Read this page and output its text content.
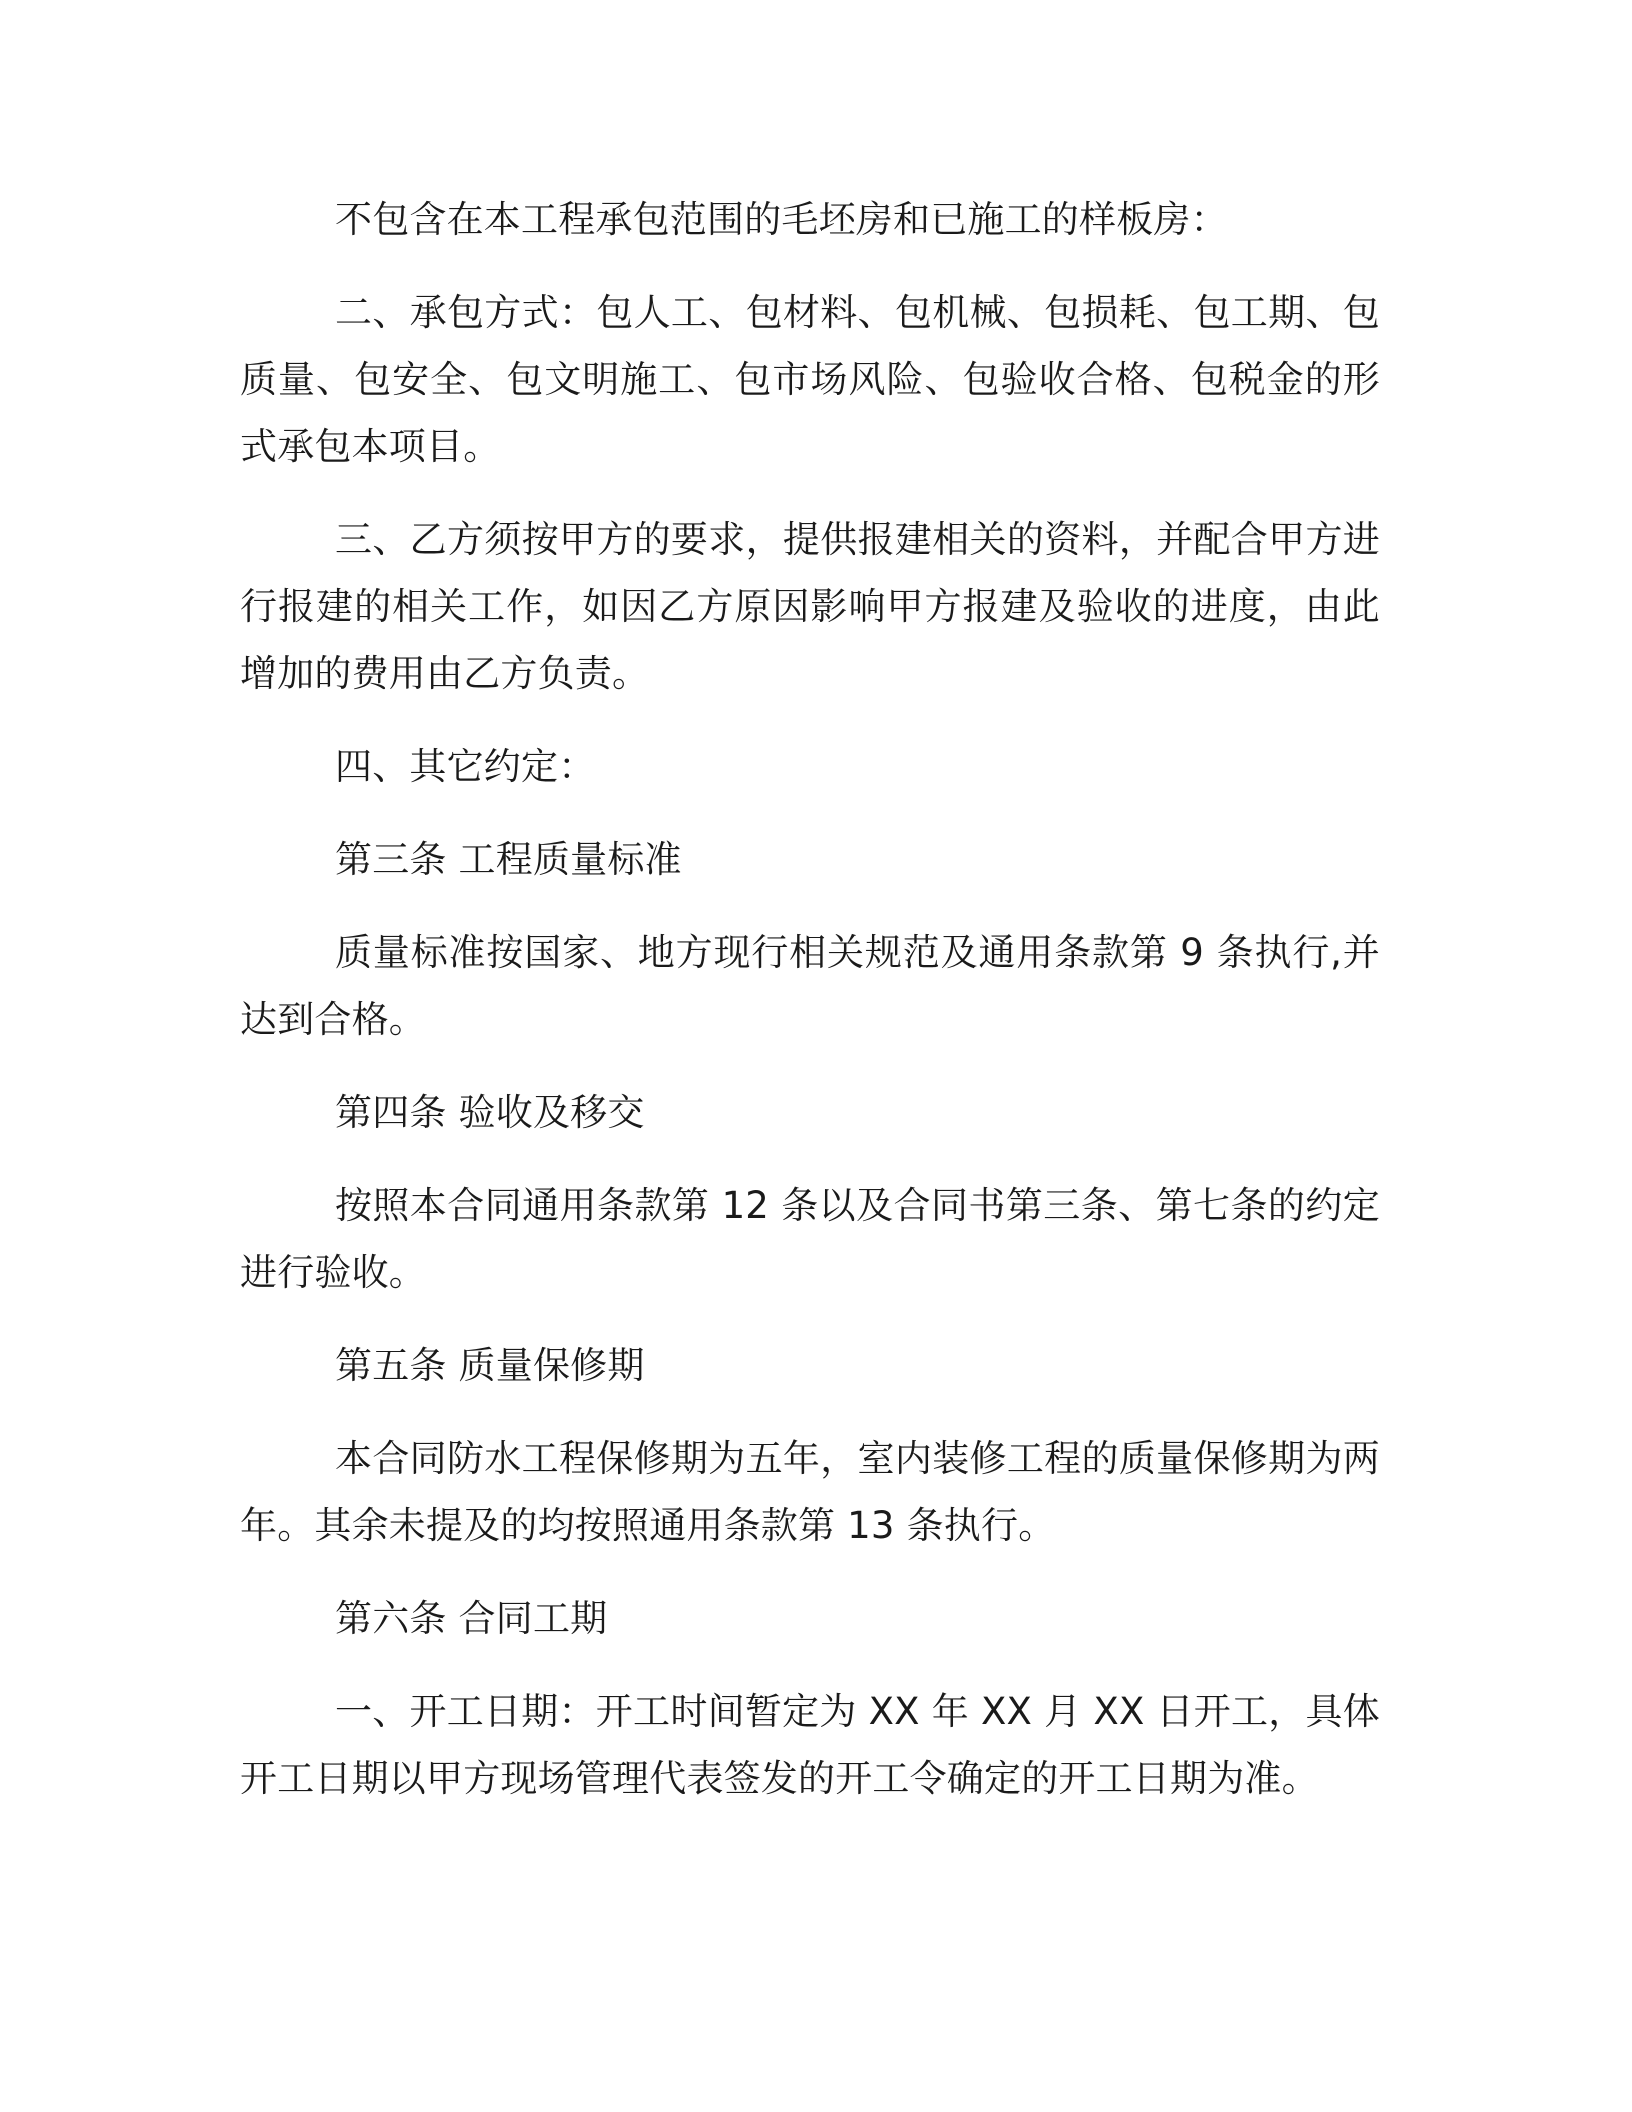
不包含在本工程承包范围的毛坯房和已施工的样板房：

二、承包方式：包人工、包材料、包机械、包损耗、包工期、包质量、包安全、包文明施工、包市场风险、包验收合格、包税金的形式承包本项目。

三、乙方须按甲方的要求，提供报建相关的资料，并配合甲方进行报建的相关工作，如因乙方原因影响甲方报建及验收的进度，由此增加的费用由乙方负责。

四、其它约定：

第三条 工程质量标准

质量标准按国家、地方现行相关规范及通用条款第 9 条执行,并达到合格。

第四条 验收及移交

按照本合同通用条款第 12 条以及合同书第三条、第七条的约定进行验收。

第五条 质量保修期

本合同防水工程保修期为五年，室内装修工程的质量保修期为两年。其余未提及的均按照通用条款第 13 条执行。

第六条 合同工期

一、开工日期：开工时间暂定为 XX 年 XX 月 XX 日开工，具体开工日期以甲方现场管理代表签发的开工令确定的开工日期为准。
